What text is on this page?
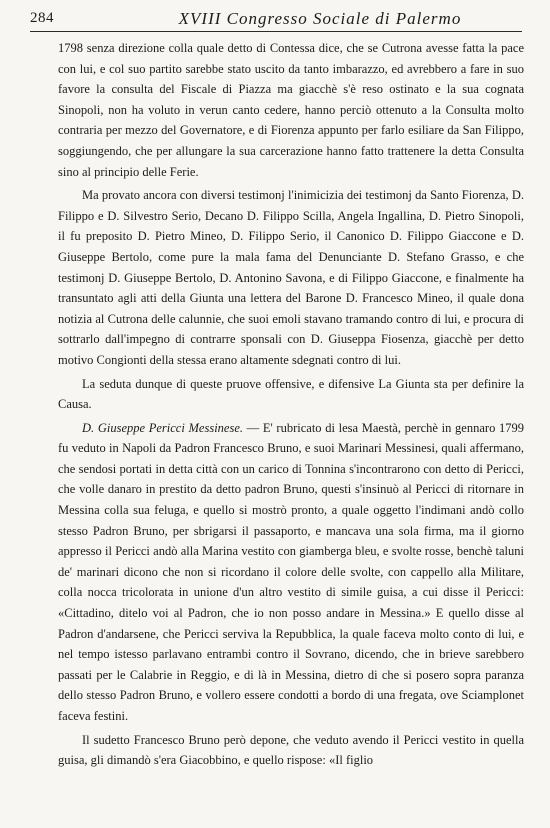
284	XVIII Congresso Sociale di Palermo

1798 senza direzione colla quale detto di Contessa dice, che se Cutrona avesse fatta la pace con lui, e col suo partito sarebbe stato uscito da tanto imbarazzo, ed avrebbero a fare in suo favore la consulta del Fiscale di Piazza ma giacchè s'è reso ostinato e la sua cognata Sinopoli, non ha voluto in verun canto cedere, hanno perciò ottenuto a la Consulta molto contraria per mezzo del Governatore, e di Fiorenza appunto per farlo esiliare da San Filippo, soggiungendo, che per allungare la sua carcerazione hanno fatto trattenere la detta Consulta sino al principio delle Ferie.

Ma provato ancora con diversi testimonj l'inimicizia dei testimonj da Santo Fiorenza, D. Filippo e D. Silvestro Serio, Decano D. Filippo Scilla, Angela Ingallina, D. Pietro Sinopoli, il fu preposito D. Pietro Mineo, D. Filippo Serio, il Canonico D. Filippo Giaccone e D. Giuseppe Bertolo, come pure la mala fama del Denunciante D. Stefano Grasso, e che testimonj D. Giuseppe Bertolo, D. Antonino Savona, e di Filippo Giaccone, e finalmente ha transuntato agli atti della Giunta una lettera del Barone D. Francesco Mineo, il quale dona notizia al Cutrona delle calunnie, che suoi emoli stavano tramando contro di lui, e procura di sottrarlo dall'impegno di contrarre sponsali con D. Giuseppa Fiosenza, giacchè per detto motivo Congionti della stessa erano altamente sdegnati contro di lui.

La seduta dunque di queste pruove offensive, e difensive La Giunta sta per definire la Causa.

D. Giuseppe Pericci Messinese. — E' rubricato di lesa Maestà, perchè in gennaro 1799 fu veduto in Napoli da Padron Francesco Bruno, e suoi Marinari Messinesi, quali affermano, che sendosi portati in detta città con un carico di Tonnina s'incontrarono con detto di Pericci, che volle danaro in prestito da detto padron Bruno, questi s'insinuò al Pericci di ritornare in Messina colla sua feluga, e quello si mostrò pronto, a quale oggetto l'indimani andò collo stesso Padron Bruno, per sbrigarsi il passaporto, e mancava una sola firma, ma il giorno appresso il Pericci andò alla Marina vestito con giamberga bleu, e svolte rosse, benchè taluni de' marinari dicono che non si ricordano il colore delle svolte, con cappello alla Militare, colla nocca tricolorata in unione d'un altro vestito di simile guisa, a cui disse il Pericci: «Cittadino, ditelo voi al Padron, che io non posso andare in Messina.» E quello disse al Padron d'andarsene, che Pericci serviva la Repubblica, la quale faceva molto conto di lui, e nel tempo istesso parlavano entrambi contro il Sovrano, dicendo, che in brieve sarebbero passati per le Calabrie in Reggio, e di là in Messina, dietro di che si posero sopra paranza dello stesso Padron Bruno, e vollero essere condotti a bordo di una fregata, ove Sciamplonet faceva festini.

Il sudetto Francesco Bruno però depone, che veduto avendo il Pericci vestito in quella guisa, gli dimandò s'era Giacobbino, e quello rispose: «Il figlio
